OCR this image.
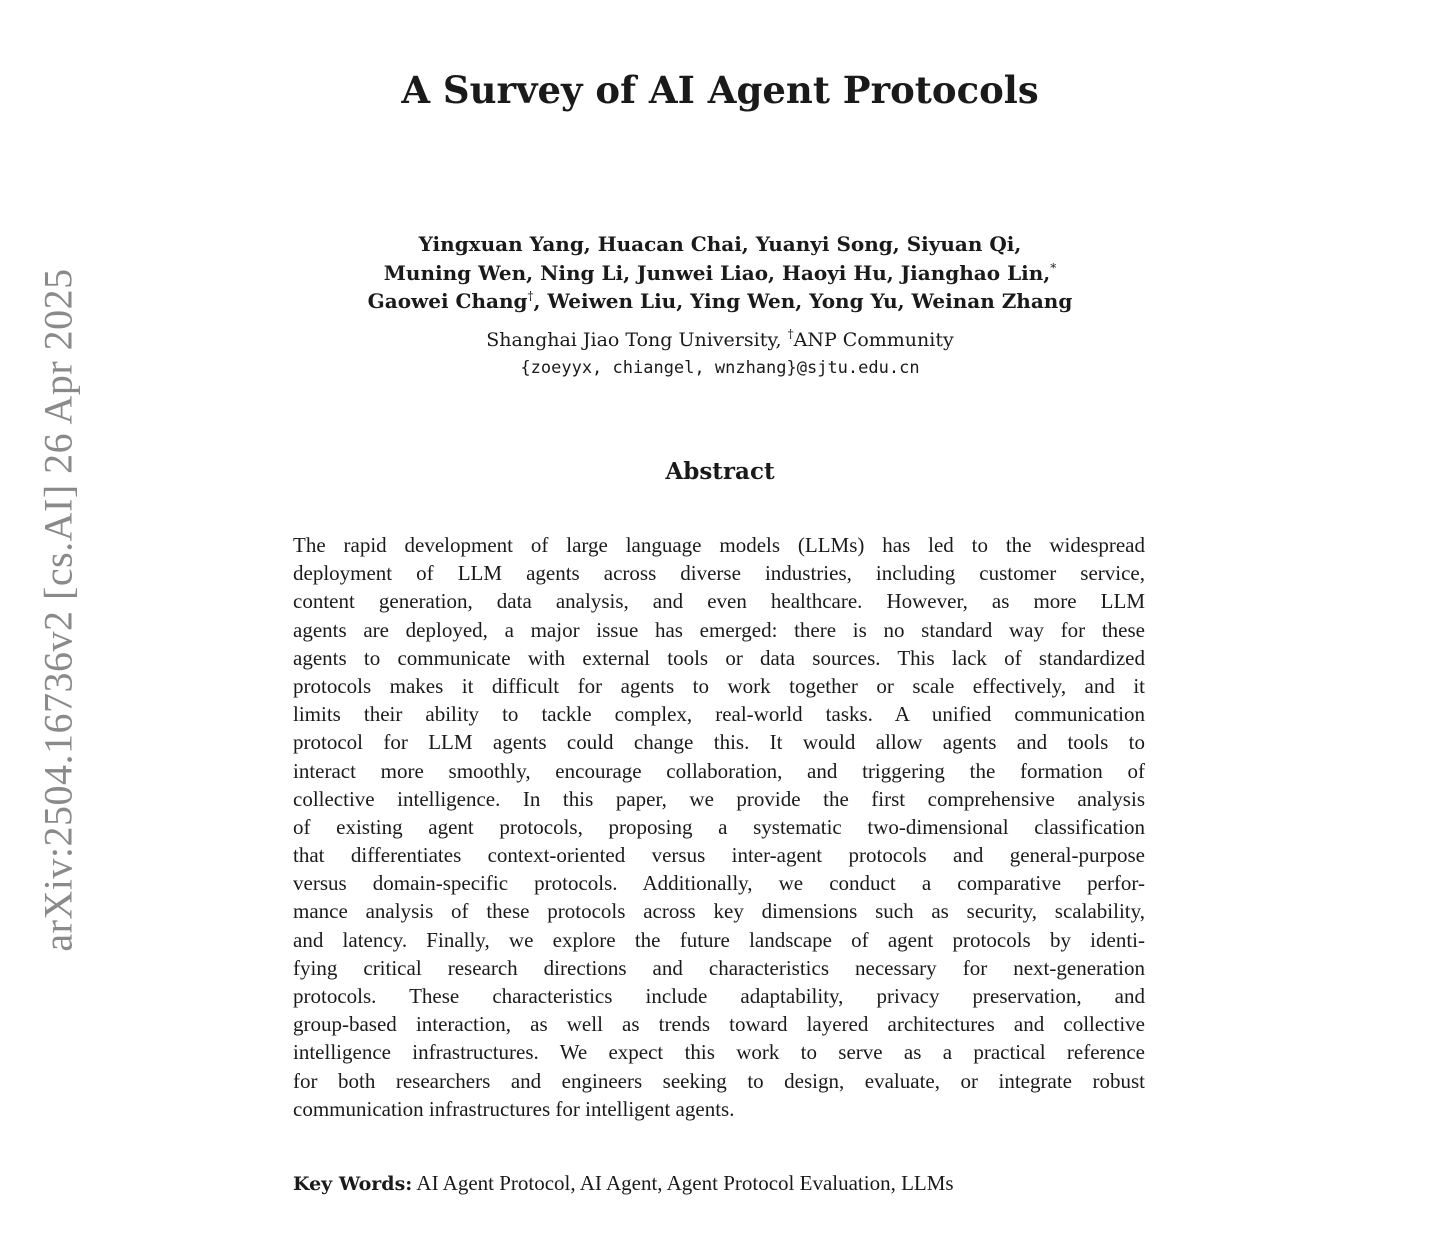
arXiv:2504.16736v2 [cs.AI] 26 Apr 2025
A Survey of AI Agent Protocols
Yingxuan Yang, Huacan Chai, Yuanyi Song, Siyuan Qi,
Muning Wen, Ning Li, Junwei Liao, Haoyi Hu, Jianghao Lin,*
Gaowei Chang†, Weiwen Liu, Ying Wen, Yong Yu, Weinan Zhang
Shanghai Jiao Tong University, †ANP Community
{zoeyyx, chiangel, wnzhang}@sjtu.edu.cn
Abstract
The rapid development of large language models (LLMs) has led to the widespread
deployment of LLM agents across diverse industries, including customer service,
content generation, data analysis, and even healthcare. However, as more LLM
agents are deployed, a major issue has emerged: there is no standard way for these
agents to communicate with external tools or data sources. This lack of standardized
protocols makes it difficult for agents to work together or scale effectively, and it
limits their ability to tackle complex, real-world tasks. A unified communication
protocol for LLM agents could change this. It would allow agents and tools to
interact more smoothly, encourage collaboration, and triggering the formation of
collective intelligence. In this paper, we provide the first comprehensive analysis
of existing agent protocols, proposing a systematic two-dimensional classification
that differentiates context-oriented versus inter-agent protocols and general-purpose
versus domain-specific protocols. Additionally, we conduct a comparative perfor-
mance analysis of these protocols across key dimensions such as security, scalability,
and latency. Finally, we explore the future landscape of agent protocols by identi-
fying critical research directions and characteristics necessary for next-generation
protocols. These characteristics include adaptability, privacy preservation, and
group-based interaction, as well as trends toward layered architectures and collective
intelligence infrastructures. We expect this work to serve as a practical reference
for both researchers and engineers seeking to design, evaluate, or integrate robust
communication infrastructures for intelligent agents.
Key Words: AI Agent Protocol, AI Agent, Agent Protocol Evaluation, LLMs
